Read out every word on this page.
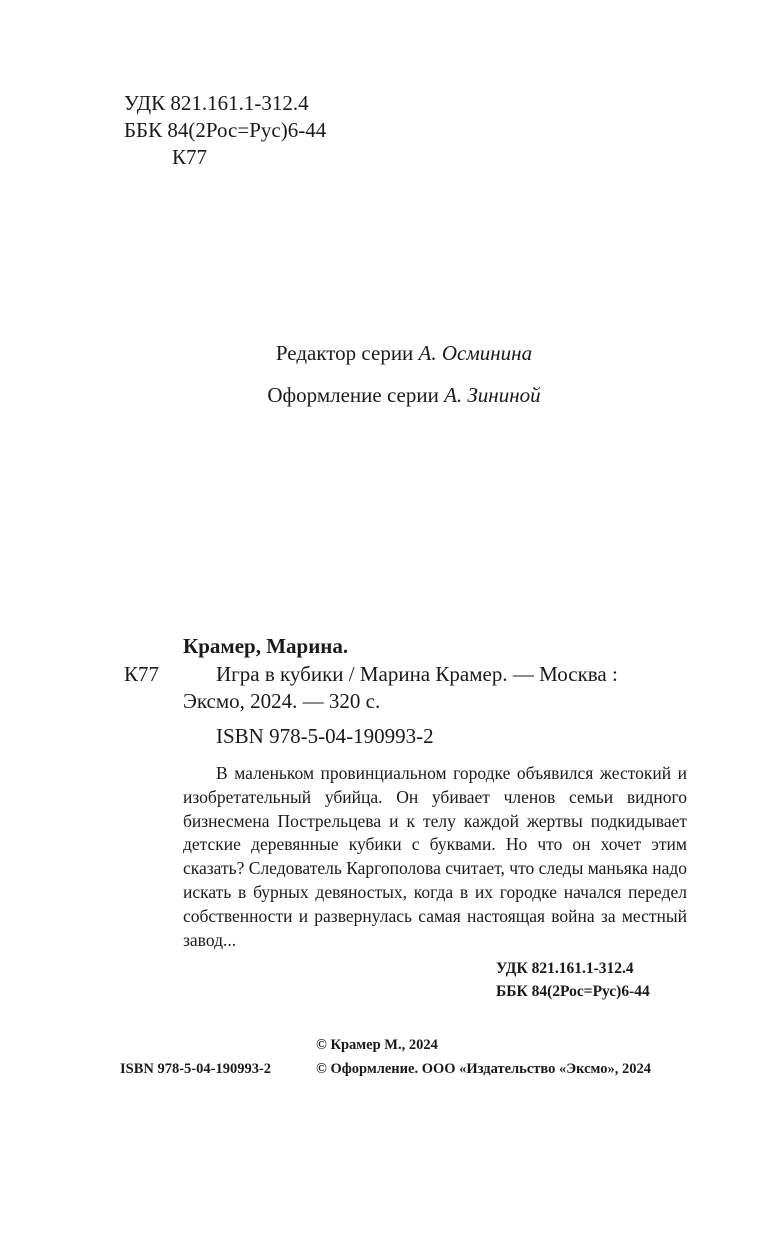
УДК 821.161.1-312.4
ББК 84(2Рос=Рус)6-44
К77
Редактор серии А. Осминина
Оформление серии А. Зининой
Крамер, Марина.
К77	Игра в кубики / Марина Крамер. — Москва :
Эксмо, 2024. — 320 с.
ISBN 978-5-04-190993-2

В маленьком провинциальном городке объявился жестокий и изобретательный убийца. Он убивает членов семьи видного бизнесмена Пострельцева и к телу каждой жертвы подкидывает детские деревянные кубики с буквами. Но что он хочет этим сказать? Следователь Каргополова считает, что следы маньяка надо искать в бурных девяностых, когда в их городке начался передел собственности и развернулась самая настоящая война за местный завод...

УДК 821.161.1-312.4
ББК 84(2Рос=Рус)6-44
© Крамер М., 2024
ISBN 978-5-04-190993-2	© Оформление. ООО «Издательство «Эксмо», 2024
